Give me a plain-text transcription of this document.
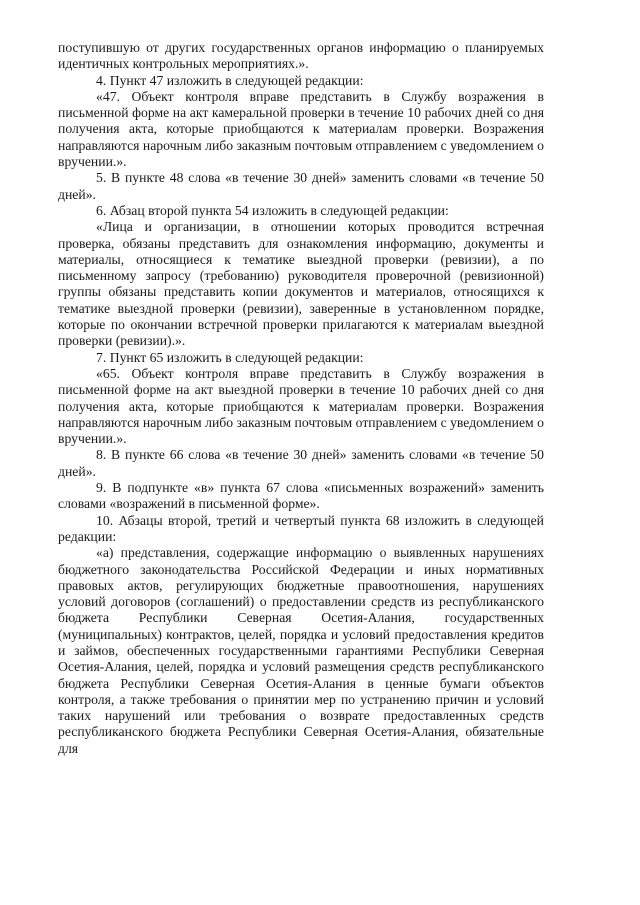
поступившую от других государственных органов информацию о планируемых идентичных контрольных мероприятиях.».

4. Пункт 47 изложить в следующей редакции:

«47. Объект контроля вправе представить в Службу возражения в письменной форме на акт камеральной проверки в течение 10 рабочих дней со дня получения акта, которые приобщаются к материалам проверки. Возражения направляются нарочным либо заказным почтовым отправлением с уведомлением о вручении.».

5. В пункте 48 слова «в течение 30 дней» заменить словами «в течение 50 дней».

6. Абзац второй пункта 54 изложить в следующей редакции:

«Лица и организации, в отношении которых проводится встречная проверка, обязаны представить для ознакомления информацию, документы и материалы, относящиеся к тематике выездной проверки (ревизии), а по письменному запросу (требованию) руководителя проверочной (ревизионной) группы обязаны представить копии документов и материалов, относящихся к тематике выездной проверки (ревизии), заверенные в установленном порядке, которые по окончании встречной проверки прилагаются к материалам выездной проверки (ревизии).».

7. Пункт 65 изложить в следующей редакции:

«65. Объект контроля вправе представить в Службу возражения в письменной форме на акт выездной проверки в течение 10 рабочих дней со дня получения акта, которые приобщаются к материалам проверки. Возражения направляются нарочным либо заказным почтовым отправлением с уведомлением о вручении.».

8. В пункте 66 слова «в течение 30 дней» заменить словами «в течение 50 дней».

9. В подпункте «в» пункта 67 слова «письменных возражений» заменить словами «возражений в письменной форме».

10. Абзацы второй, третий и четвертый пункта 68 изложить в следующей редакции:

«а) представления, содержащие информацию о выявленных нарушениях бюджетного законодательства Российской Федерации и иных нормативных правовых актов, регулирующих бюджетные правоотношения, нарушениях условий договоров (соглашений) о предоставлении средств из республиканского бюджета Республики Северная Осетия-Алания, государственных (муниципальных) контрактов, целей, порядка и условий предоставления кредитов и займов, обеспеченных государственными гарантиями Республики Северная Осетия-Алания, целей, порядка и условий размещения средств республиканского бюджета Республики Северная Осетия-Алания в ценные бумаги объектов контроля, а также требования о принятии мер по устранению причин и условий таких нарушений или требования о возврате предоставленных средств республиканского бюджета Республики Северная Осетия-Алания, обязательные для
